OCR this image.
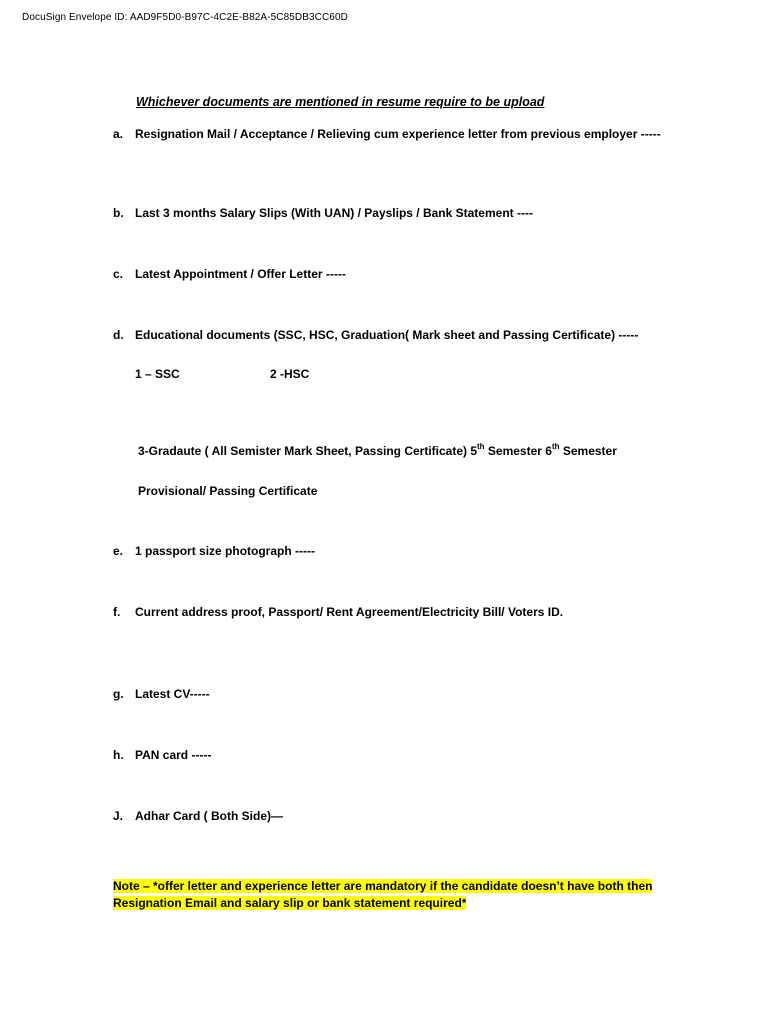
DocuSign Envelope ID: AAD9F5D0-B97C-4C2E-B82A-5C85DB3CC60D
Whichever documents are mentioned in resume require to be upload
a. Resignation Mail / Acceptance / Relieving cum experience letter from previous employer -----
b. Last 3 months Salary Slips (With UAN) / Payslips / Bank Statement ----
c. Latest Appointment / Offer Letter -----
d. Educational documents (SSC, HSC, Graduation( Mark sheet and Passing Certificate) -----
1 – SSC	2 -HSC
3-Gradaute ( All Semister Mark Sheet, Passing Certificate) 5th Semester 6th Semester
Provisional/ Passing Certificate
e. 1 passport size photograph -----
f. Current address proof, Passport/ Rent Agreement/Electricity Bill/ Voters ID.
g. Latest CV-----
h. PAN card -----
J. Adhar Card ( Both Side)—
Note – *offer letter and experience letter are mandatory if the candidate doesn’t have both then
Resignation Email and salary slip or bank statement required*
